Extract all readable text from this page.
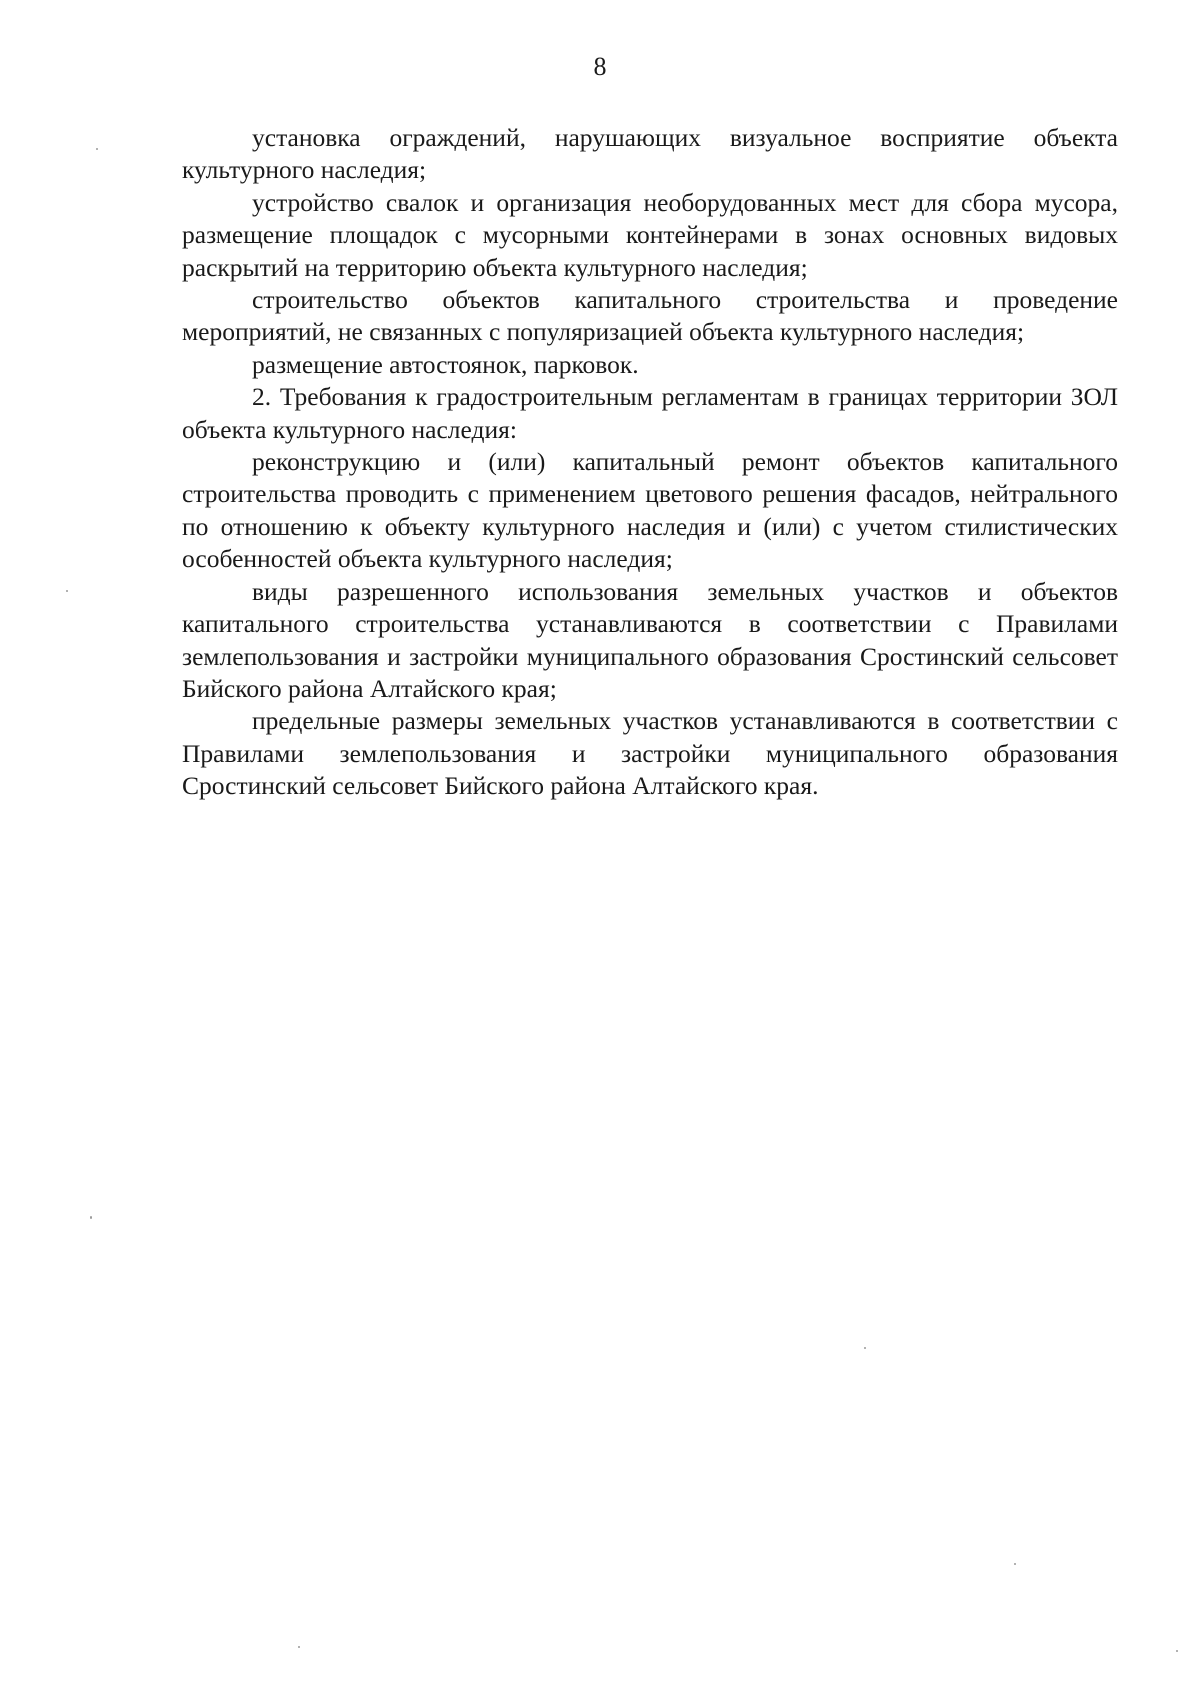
8

установка ограждений, нарушающих визуальное восприятие объекта культурного наследия;

устройство свалок и организация необорудованных мест для сбора мусора, размещение площадок с мусорными контейнерами в зонах основных видовых раскрытий на территорию объекта культурного наследия;

строительство объектов капитального строительства и проведение мероприятий, не связанных с популяризацией объекта культурного наследия;

размещение автостоянок, парковок.

2. Требования к градостроительным регламентам в границах территории ЗОЛ объекта культурного наследия:

реконструкцию и (или) капитальный ремонт объектов капитального строительства проводить с применением цветового решения фасадов, нейтрального по отношению к объекту культурного наследия и (или) с учетом стилистических особенностей объекта культурного наследия;

виды разрешенного использования земельных участков и объектов капитального строительства устанавливаются в соответствии с Правилами землепользования и застройки муниципального образования Сростинский сельсовет Бийского района Алтайского края;

предельные размеры земельных участков устанавливаются в соответствии с Правилами землепользования и застройки муниципального образования Сростинский сельсовет Бийского района Алтайского края.
